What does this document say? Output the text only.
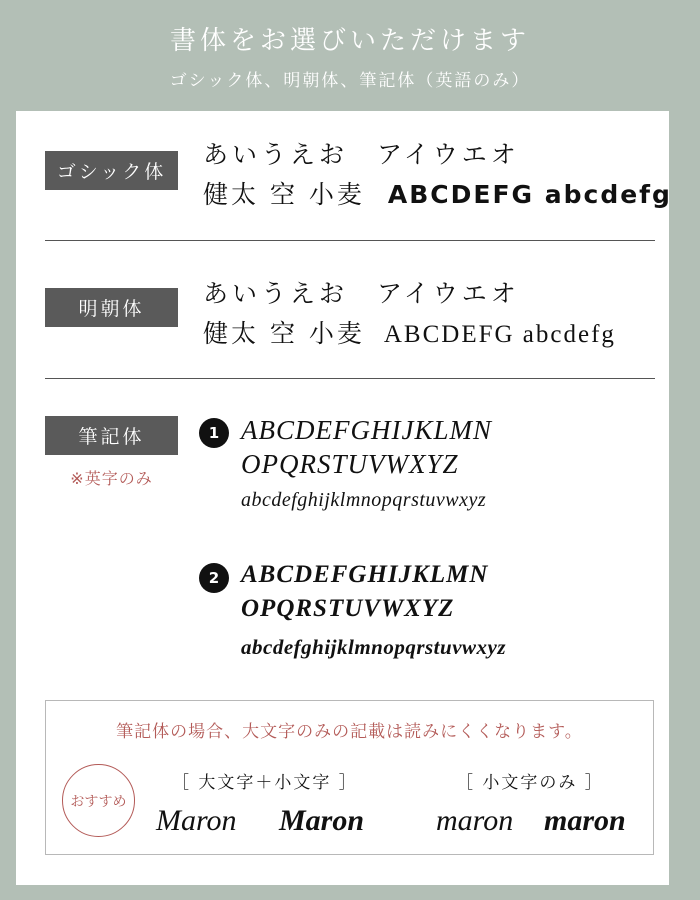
書体をお選びいただけます
ゴシック体、明朝体、筆記体（英語のみ）
ゴシック体
あいうえお　アイウエオ
健太 空 小麦 ABCDEFG abcdefg
明朝体
あいうえお　アイウエオ
健太 空 小麦 ABCDEFG abcdefg
筆記体
※英字のみ
1 ABCDEFGHIJKLMN
OPQRSTUVWXYZ
abcdefghijklmnopqrstuvwxyz
2 ABCDEFGHIJKLMN
OPQRSTUVWXYZ
abcdefghijklmnopqrstuvwxyz
筆記体の場合、大文字のみの記載は読みにくくなります。
おすすめ
［ 大文字＋小文字 ］	［ 小文字のみ ］
Maron Maron maron maron
